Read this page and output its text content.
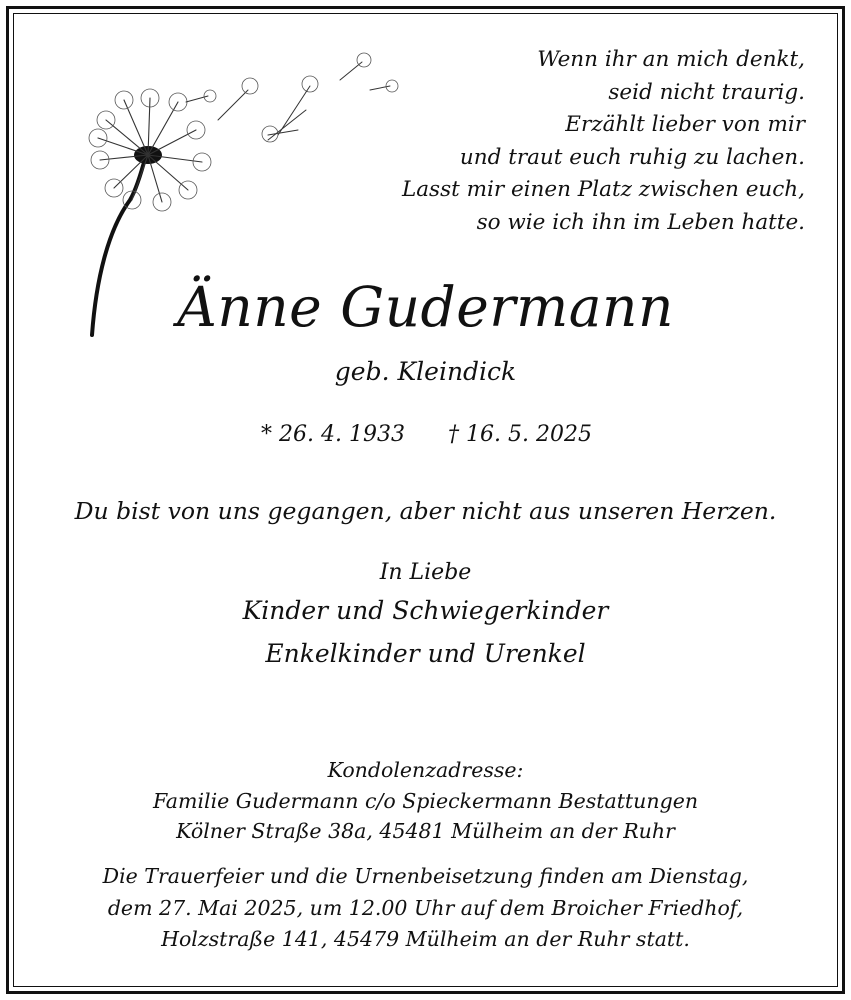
Wenn ihr an mich denkt,
seid nicht traurig.
Erzählt lieber von mir
und traut euch ruhig zu lachen.
Lasst mir einen Platz zwischen euch,
so wie ich ihn im Leben hatte.
Änne Gudermann
geb. Kleindick
* 26. 4. 1933 † 16. 5. 2025
Du bist von uns gegangen, aber nicht aus unseren Herzen.
In Liebe
Kinder und Schwiegerkinder
Enkelkinder und Urenkel
Kondolenzadresse:
Familie Gudermann c/o Spieckermann Bestattungen
Kölner Straße 38a, 45481 Mülheim an der Ruhr
Die Trauerfeier und die Urnenbeisetzung finden am Dienstag,
dem 27. Mai 2025, um 12.00 Uhr auf dem Broicher Friedhof,
Holzstraße 141, 45479 Mülheim an der Ruhr statt.
